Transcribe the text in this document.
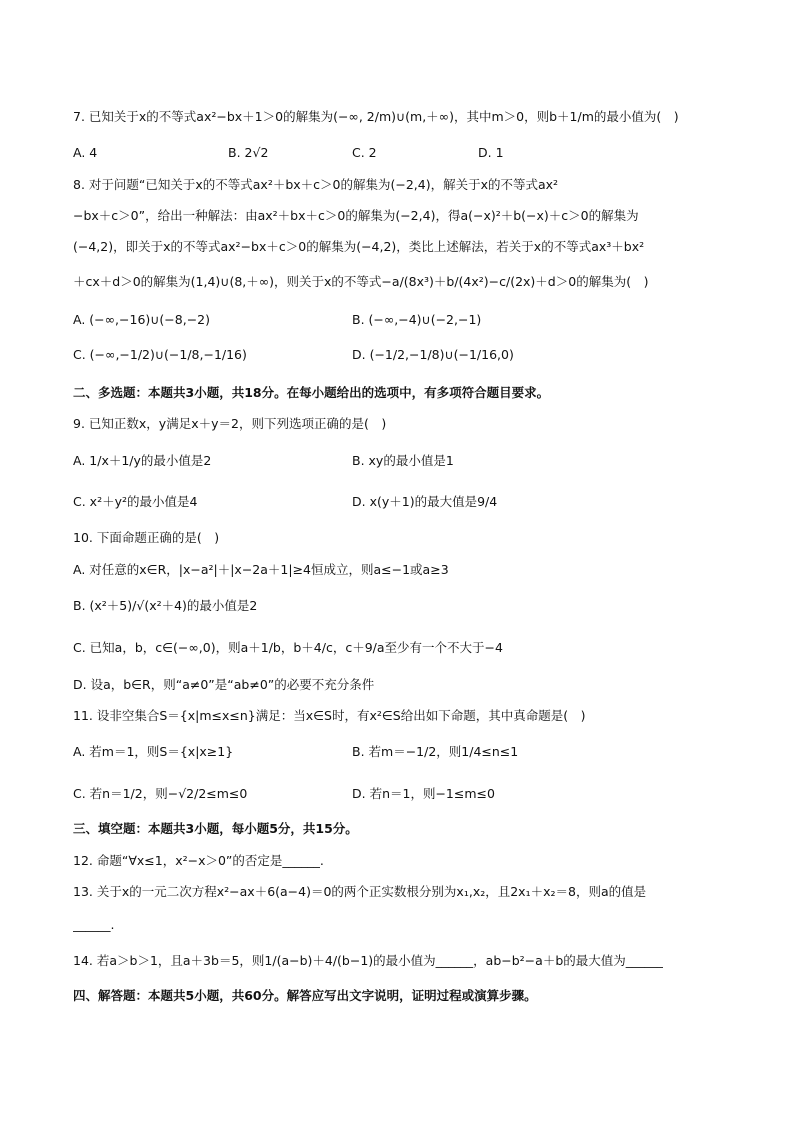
7. 已知关于x的不等式ax²−bx＋1＞0的解集为(−∞, 2/m)∪(m,＋∞)，其中m＞0，则b＋1/m的最小值为(　)
A. 4	B. 2√2	C. 2	D. 1
8. 对于问题“已知关于x的不等式ax²＋bx＋c＞0的解集为(−2,4)，解关于x的不等式ax²
−bx＋c＞0”，给出一种解法：由ax²＋bx＋c＞0的解集为(−2,4)，得a(−x)²＋b(−x)＋c＞0的解集为
(−4,2)，即关于x的不等式ax²−bx＋c＞0的解集为(−4,2)，类比上述解法，若关于x的不等式ax³＋bx²
＋cx＋d＞0的解集为(1,4)∪(8,＋∞)，则关于x的不等式−a/(8x³)＋b/(4x²)−c/(2x)＋d＞0的解集为(　)
A. (−∞,−16)∪(−8,−2)	B. (−∞,−4)∪(−2,−1)
C. (−∞,−1/2)∪(−1/8,−1/16)	D. (−1/2,−1/8)∪(−1/16,0)
二、多选题：本题共3小题，共18分。在每小题给出的选项中，有多项符合题目要求。
9. 已知正数x，y满足x＋y＝2，则下列选项正确的是(　)
A. 1/x＋1/y的最小值是2	B. xy的最小值是1
C. x²＋y²的最小值是4	D. x(y＋1)的最大值是9/4
10. 下面命题正确的是(　)
A. 对任意的x∈R，|x−a²|＋|x−2a＋1|≥4恒成立，则a≤−1或a≥3
B. (x²＋5)/√(x²＋4)的最小值是2
C. 已知a，b，c∈(−∞,0)，则a＋1/b，b＋4/c，c＋9/a至少有一个不大于−4
D. 设a，b∈R，则“a≠0”是“ab≠0”的必要不充分条件
11. 设非空集合S＝{x|m≤x≤n}满足：当x∈S时，有x²∈S给出如下命题，其中真命题是(　)
A. 若m＝1，则S＝{x|x≥1}	B. 若m＝−1/2，则1/4≤n≤1
C. 若n＝1/2，则−√2/2≤m≤0	D. 若n＝1，则−1≤m≤0
三、填空题：本题共3小题，每小题5分，共15分。
12. 命题“∀x≤1，x²−x＞0”的否定是______.
13. 关于x的一元二次方程x²−ax＋6(a−4)＝0的两个正实数根分别为x₁,x₂，且2x₁＋x₂＝8，则a的值是
______.
14. 若a＞b＞1，且a＋3b＝5，则1/(a−b)＋4/(b−1)的最小值为______，ab−b²−a＋b的最大值为______
四、解答题：本题共5小题，共60分。解答应写出文字说明，证明过程或演算步骤。
